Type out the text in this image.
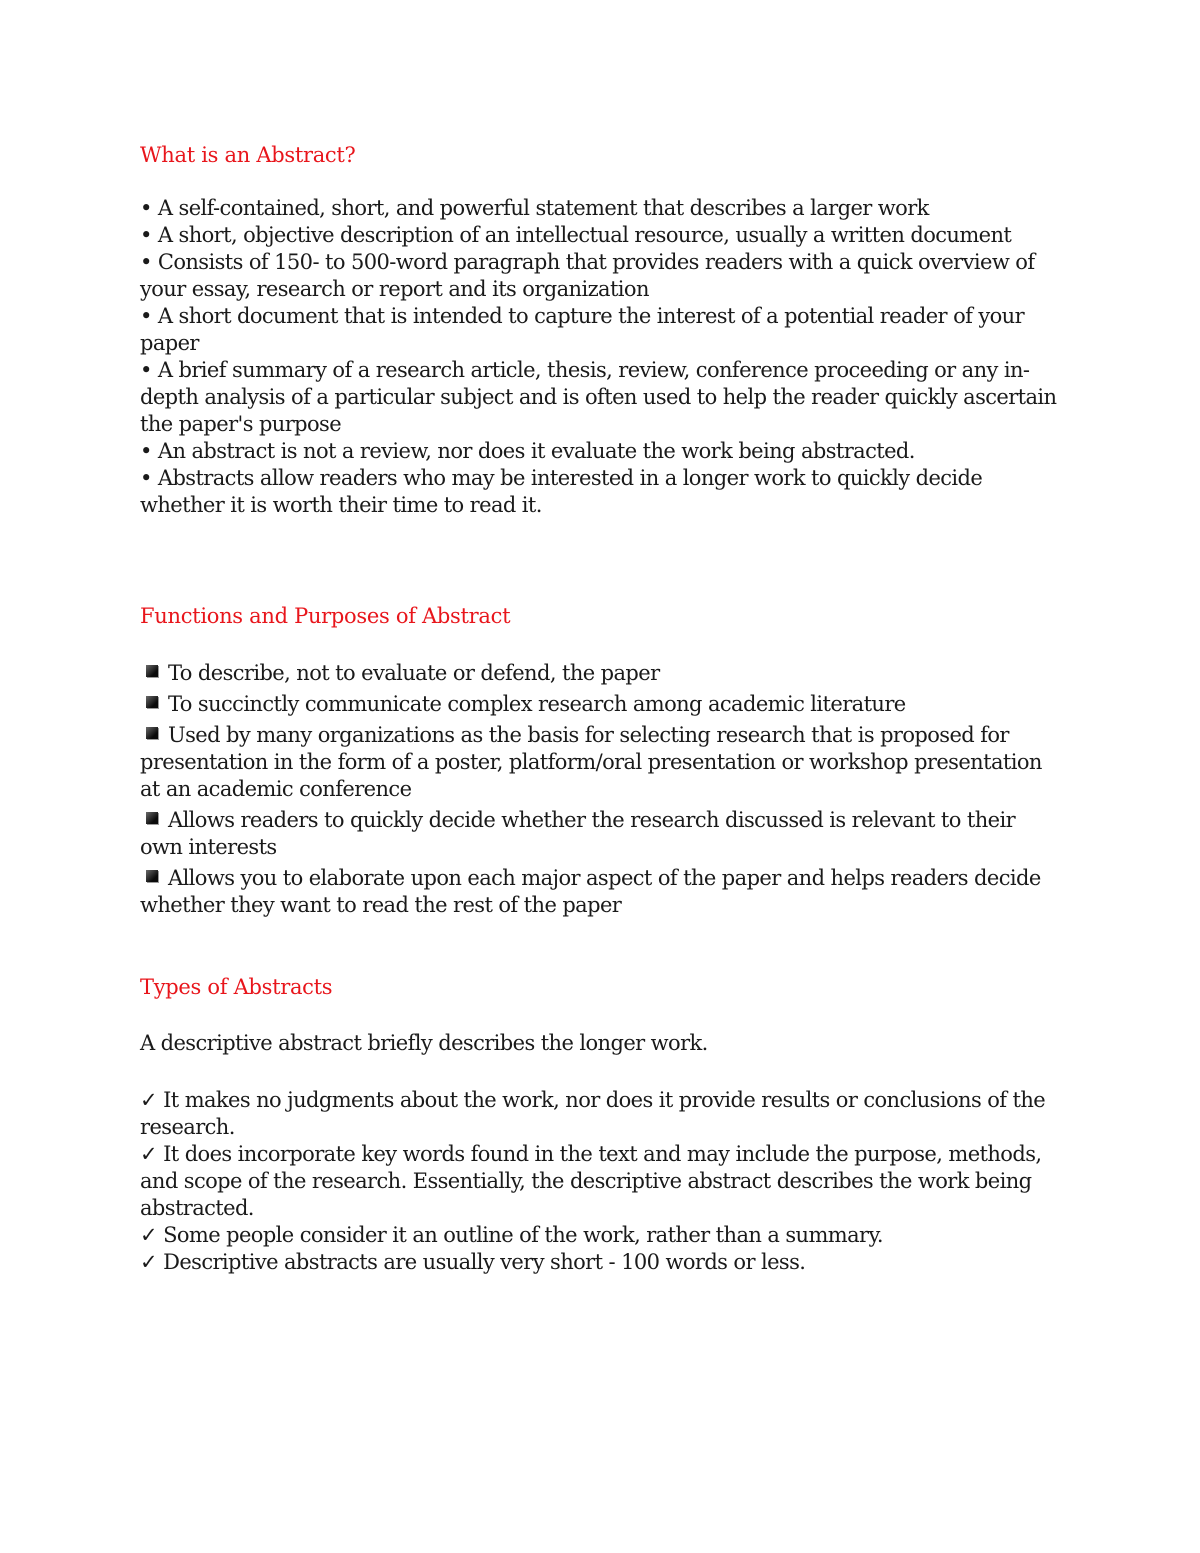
What is an Abstract?

• A self-contained, short, and powerful statement that describes a larger work

• A short, objective description of an intellectual resource, usually a written document

• Consists of 150- to 500-word paragraph that provides readers with a quick overview of your essay, research or report and its organization

• A short document that is intended to capture the interest of a potential reader of your paper

• A brief summary of a research article, thesis, review, conference proceeding or any in-depth analysis of a particular subject and is often used to help the reader quickly ascertain the paper's purpose

• An abstract is not a review, nor does it evaluate the work being abstracted.

• Abstracts allow readers who may be interested in a longer work to quickly decide whether it is worth their time to read it.

Functions and Purposes of Abstract

To describe, not to evaluate or defend, the paper

To succinctly communicate complex research among academic literature

Used by many organizations as the basis for selecting research that is proposed for presentation in the form of a poster, platform/oral presentation or workshop presentation at an academic conference

Allows readers to quickly decide whether the research discussed is relevant to their own interests

Allows you to elaborate upon each major aspect of the paper and helps readers decide whether they want to read the rest of the paper

Types of Abstracts

A descriptive abstract briefly describes the longer work.

✓ It makes no judgments about the work, nor does it provide results or conclusions of the research.

✓ It does incorporate key words found in the text and may include the purpose, methods, and scope of the research. Essentially, the descriptive abstract describes the work being abstracted.

✓ Some people consider it an outline of the work, rather than a summary.

✓ Descriptive abstracts are usually very short - 100 words or less.
